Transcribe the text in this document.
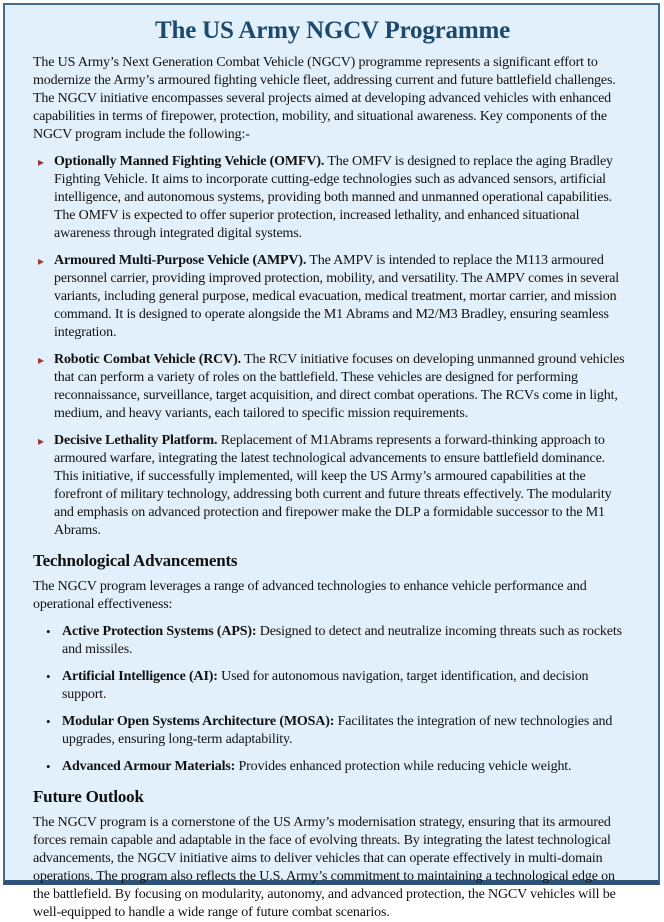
The US Army NGCV Programme

The US Army’s Next Generation Combat Vehicle (NGCV) programme represents a significant effort to modernize the Army’s armoured fighting vehicle fleet, addressing current and future battlefield challenges. The NGCV initiative encompasses several projects aimed at developing advanced vehicles with enhanced capabilities in terms of firepower, protection, mobility, and situational awareness. Key components of the NGCV program include the following:-

▸ Optionally Manned Fighting Vehicle (OMFV). The OMFV is designed to replace the aging Bradley Fighting Vehicle. It aims to incorporate cutting-edge technologies such as advanced sensors, artificial intelligence, and autonomous systems, providing both manned and unmanned operational capabilities. The OMFV is expected to offer superior protection, increased lethality, and enhanced situational awareness through integrated digital systems.
▸ Armoured Multi-Purpose Vehicle (AMPV). The AMPV is intended to replace the M113 armoured personnel carrier, providing improved protection, mobility, and versatility. The AMPV comes in several variants, including general purpose, medical evacuation, medical treatment, mortar carrier, and mission command. It is designed to operate alongside the M1 Abrams and M2/M3 Bradley, ensuring seamless integration.
▸ Robotic Combat Vehicle (RCV). The RCV initiative focuses on developing unmanned ground vehicles that can perform a variety of roles on the battlefield. These vehicles are designed for performing reconnaissance, surveillance, target acquisition, and direct combat operations. The RCVs come in light, medium, and heavy variants, each tailored to specific mission requirements.
▸ Decisive Lethality Platform. Replacement of M1Abrams represents a forward-thinking approach to armoured warfare, integrating the latest technological advancements to ensure battlefield dominance. This initiative, if successfully implemented, will keep the US Army’s armoured capabilities at the forefront of military technology, addressing both current and future threats effectively. The modularity and emphasis on advanced protection and firepower make the DLP a formidable successor to the M1 Abrams.
Technological Advancements

The NGCV program leverages a range of advanced technologies to enhance vehicle performance and operational effectiveness:

• Active Protection Systems (APS): Designed to detect and neutralize incoming threats such as rockets and missiles.
• Artificial Intelligence (AI): Used for autonomous navigation, target identification, and decision support.
• Modular Open Systems Architecture (MOSA): Facilitates the integration of new technologies and upgrades, ensuring long-term adaptability.
• Advanced Armour Materials: Provides enhanced protection while reducing vehicle weight.
Future Outlook

The NGCV program is a cornerstone of the US Army’s modernisation strategy, ensuring that its armoured forces remain capable and adaptable in the face of evolving threats. By integrating the latest technological advancements, the NGCV initiative aims to deliver vehicles that can operate effectively in multi-domain operations. The program also reflects the U.S. Army’s commitment to maintaining a technological edge on the battlefield. By focusing on modularity, autonomy, and advanced protection, the NGCV vehicles will be well-equipped to handle a wide range of future combat scenarios.
